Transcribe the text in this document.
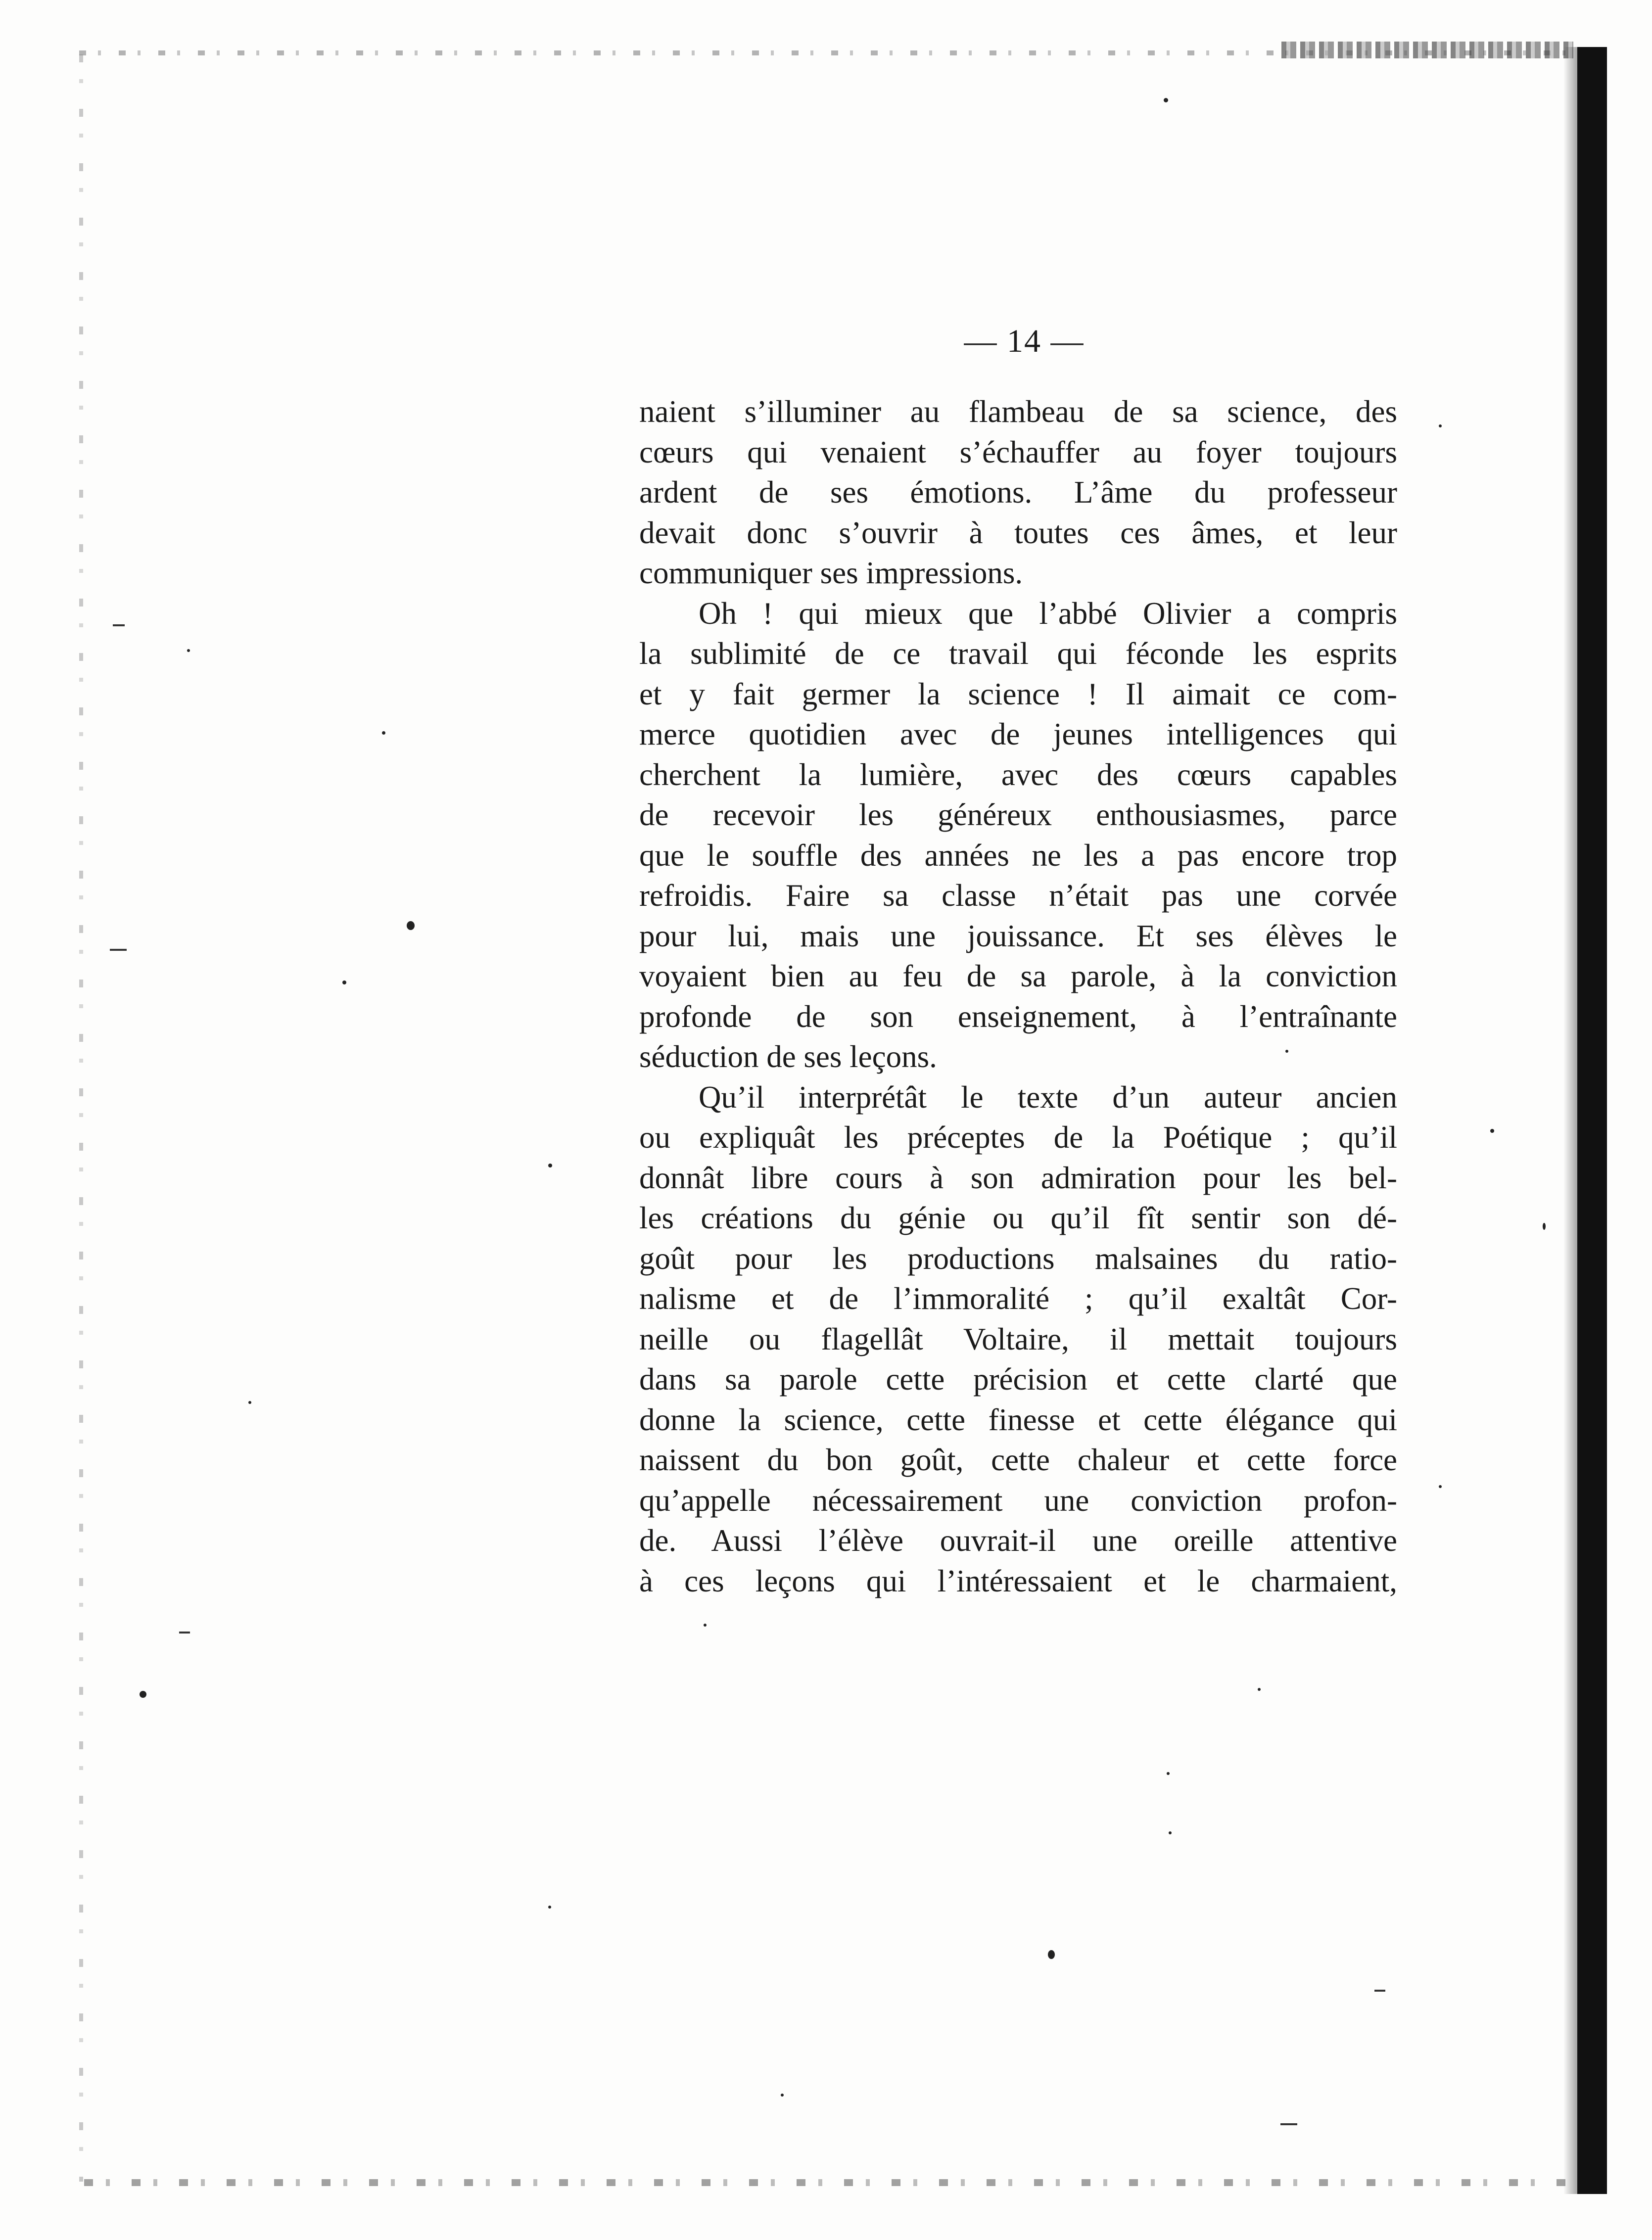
— 14 —
naient s’illuminer au flambeau de sa science, des
cœurs qui venaient s’échauffer au foyer toujours
ardent de ses émotions. L’âme du professeur
devait donc s’ouvrir à toutes ces âmes, et leur
communiquer ses impressions.
Oh ! qui mieux que l’abbé Olivier a compris
la sublimité de ce travail qui féconde les esprits
et y fait germer la science ! Il aimait ce com-
merce quotidien avec de jeunes intelligences qui
cherchent la lumière, avec des cœurs capables
de recevoir les généreux enthousiasmes, parce
que le souffle des années ne les a pas encore trop
refroidis. Faire sa classe n’était pas une corvée
pour lui, mais une jouissance. Et ses élèves le
voyaient bien au feu de sa parole, à la conviction
profonde de son enseignement, à l’entraînante
séduction de ses leçons.
Qu’il interprétât le texte d’un auteur ancien
ou expliquât les préceptes de la Poétique ; qu’il
donnât libre cours à son admiration pour les bel-
les créations du génie ou qu’il fît sentir son dé-
goût pour les productions malsaines du ratio-
nalisme et de l’immoralité ; qu’il exaltât Cor-
neille ou flagellât Voltaire, il mettait toujours
dans sa parole cette précision et cette clarté que
donne la science, cette finesse et cette élégance qui
naissent du bon goût, cette chaleur et cette force
qu’appelle nécessairement une conviction profon-
de. Aussi l’élève ouvrait-il une oreille attentive
à ces leçons qui l’intéressaient et le charmaient,
